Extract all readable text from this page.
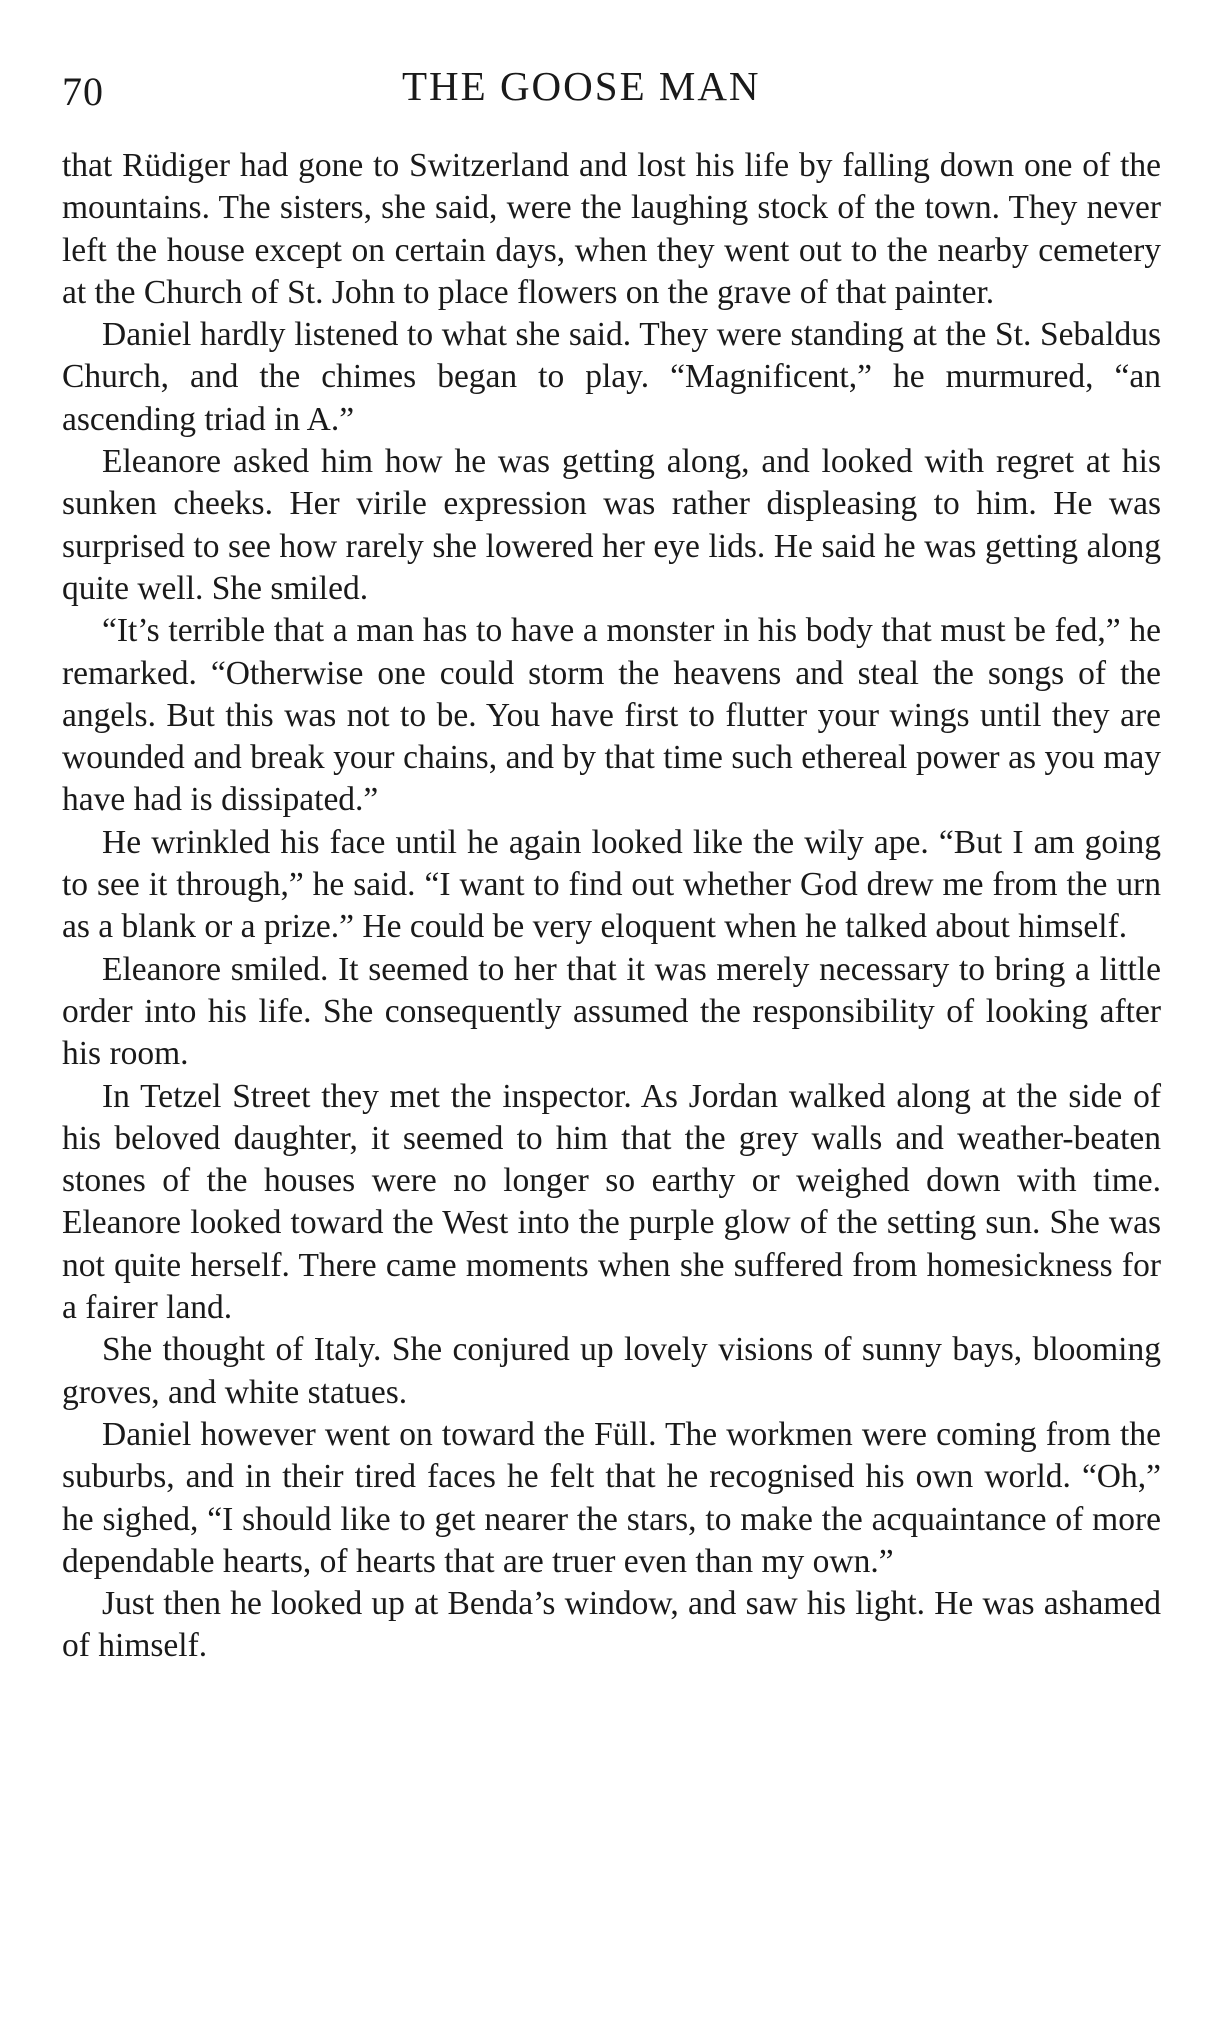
70	THE GOOSE MAN

that Rüdiger had gone to Switzerland and lost his life by falling down one of the mountains. The sisters, she said, were the laughing stock of the town. They never left the house except on certain days, when they went out to the nearby cemetery at the Church of St. John to place flowers on the grave of that painter.

Daniel hardly listened to what she said. They were standing at the St. Sebaldus Church, and the chimes began to play. “Magnificent,” he murmured, “an ascending triad in A.”

Eleanore asked him how he was getting along, and looked with regret at his sunken cheeks. Her virile expression was rather displeasing to him. He was surprised to see how rarely she lowered her eye lids. He said he was getting along quite well. She smiled.

“It’s terrible that a man has to have a monster in his body that must be fed,” he remarked. “Otherwise one could storm the heavens and steal the songs of the angels. But this was not to be. You have first to flutter your wings until they are wounded and break your chains, and by that time such ethereal power as you may have had is dissipated.”

He wrinkled his face until he again looked like the wily ape. “But I am going to see it through,” he said. “I want to find out whether God drew me from the urn as a blank or a prize.” He could be very eloquent when he talked about himself.

Eleanore smiled. It seemed to her that it was merely necessary to bring a little order into his life. She consequently assumed the responsibility of looking after his room.

In Tetzel Street they met the inspector. As Jordan walked along at the side of his beloved daughter, it seemed to him that the grey walls and weather-beaten stones of the houses were no longer so earthy or weighed down with time. Eleanore looked toward the West into the purple glow of the setting sun. She was not quite herself. There came moments when she suffered from homesickness for a fairer land.

She thought of Italy. She conjured up lovely visions of sunny bays, blooming groves, and white statues.

Daniel however went on toward the Füll. The workmen were coming from the suburbs, and in their tired faces he felt that he recognised his own world. “Oh,” he sighed, “I should like to get nearer the stars, to make the acquaintance of more dependable hearts, of hearts that are truer even than my own.”

Just then he looked up at Benda’s window, and saw his light. He was ashamed of himself.
